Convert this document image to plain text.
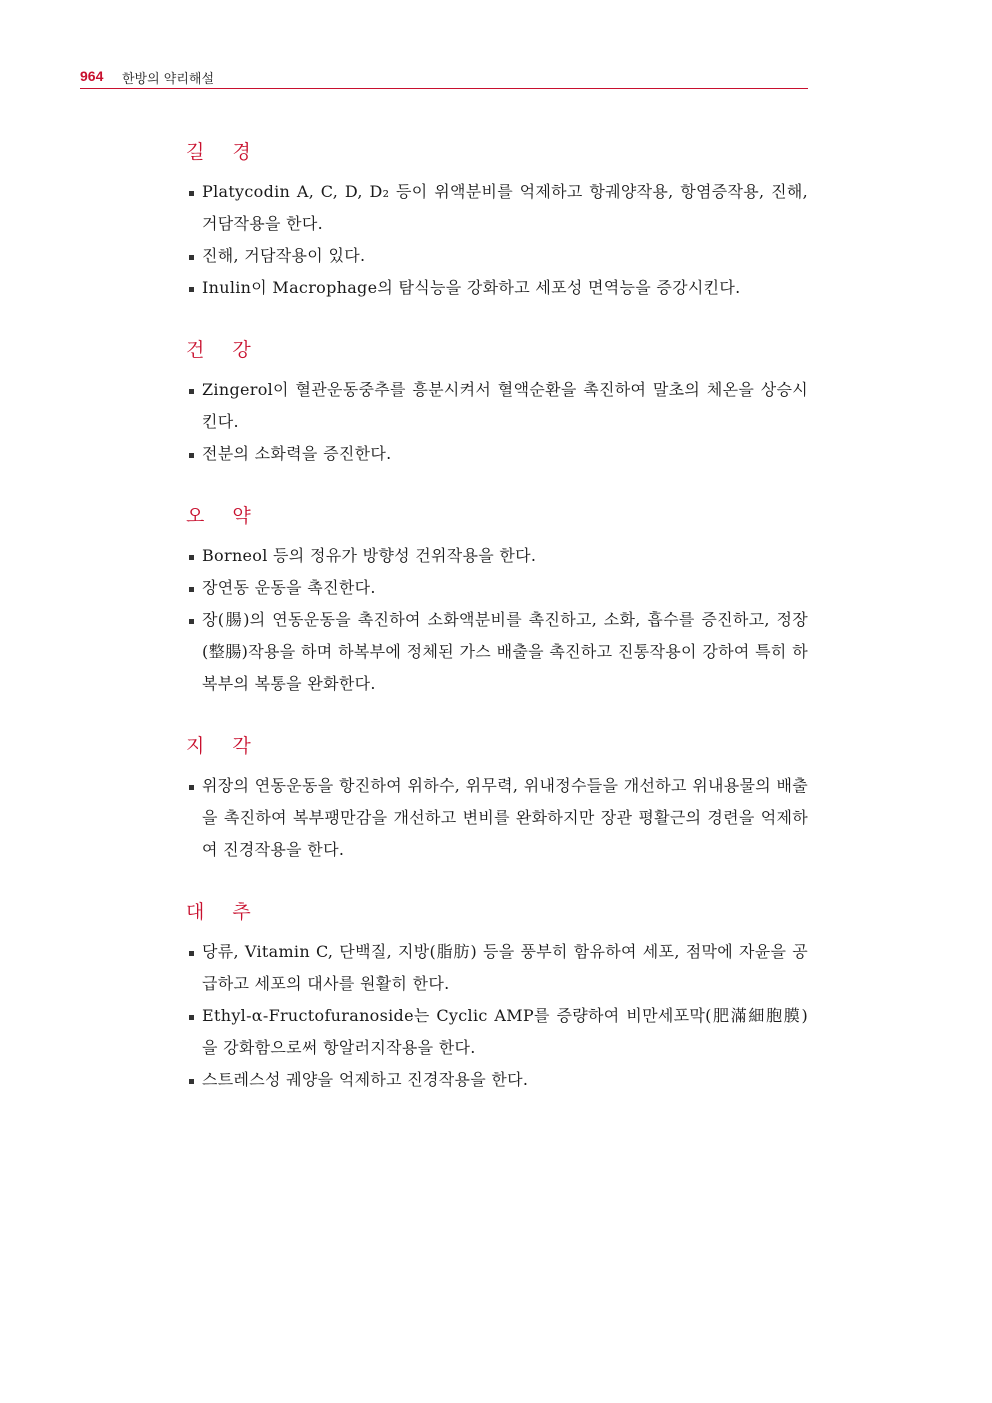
964 한방의 약리해설
길 경
Platycodin A, C, D, D₂ 등이 위액분비를 억제하고 항궤양작용, 항염증작용, 진해, 거담작용을 한다.
진해, 거담작용이 있다.
Inulin이 Macrophage의 탐식능을 강화하고 세포성 면역능을 증강시킨다.
건 강
Zingerol이 혈관운동중추를 흥분시켜서 혈액순환을 촉진하여 말초의 체온을 상승시킨다.
전분의 소화력을 증진한다.
오 약
Borneol 등의 정유가 방향성 건위작용을 한다.
장연동 운동을 촉진한다.
장(腸)의 연동운동을 촉진하여 소화액분비를 촉진하고, 소화, 흡수를 증진하고, 정장(整腸)작용을 하며 하복부에 정체된 가스 배출을 촉진하고 진통작용이 강하여 특히 하복부의 복통을 완화한다.
지 각
위장의 연동운동을 항진하여 위하수, 위무력, 위내정수들을 개선하고 위내용물의 배출을 촉진하여 복부팽만감을 개선하고 변비를 완화하지만 장관 평활근의 경련을 억제하여 진경작용을 한다.
대 추
당류, Vitamin C, 단백질, 지방(脂肪) 등을 풍부히 함유하여 세포, 점막에 자윤을 공급하고 세포의 대사를 원활히 한다.
Ethyl-α-Fructofuranoside는 Cyclic AMP를 증량하여 비만세포막(肥滿細胞膜)을 강화함으로써 항알러지작용을 한다.
스트레스성 궤양을 억제하고 진경작용을 한다.
